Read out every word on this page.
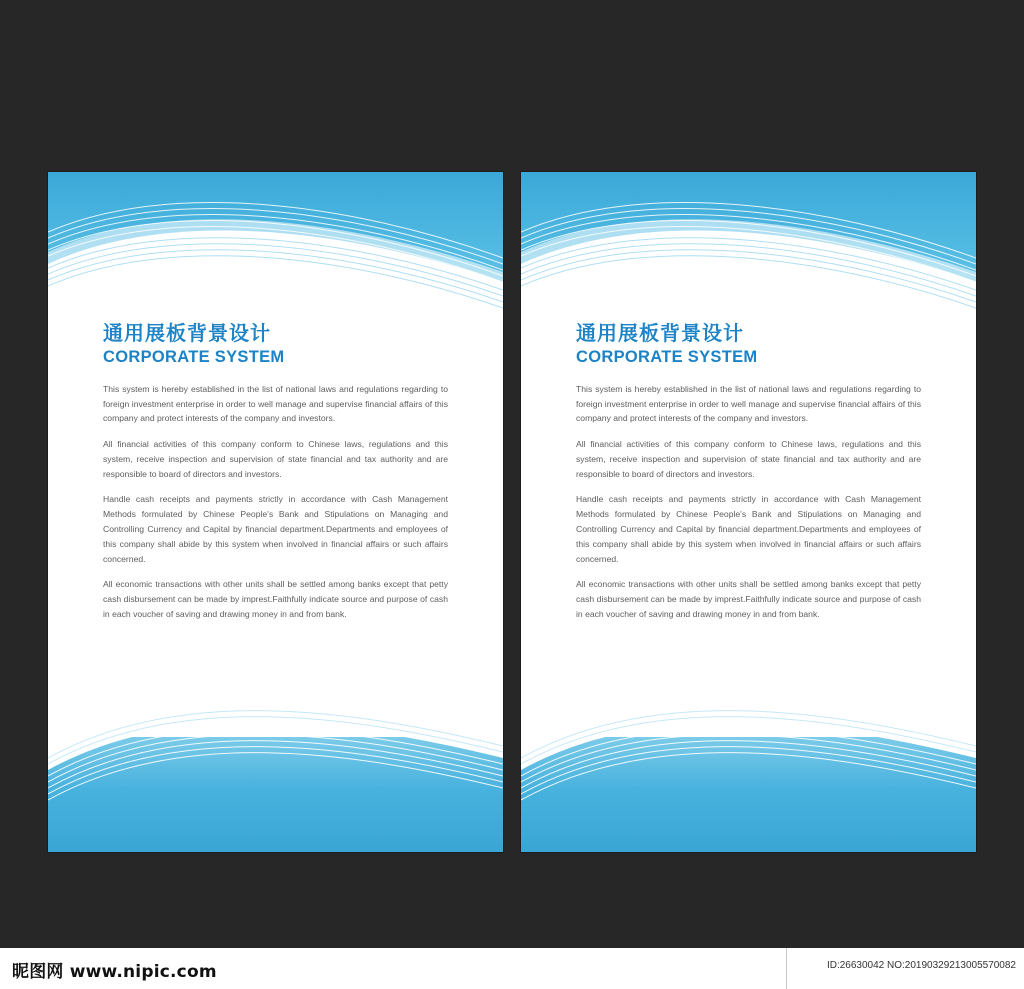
通用展板背景设计
CORPORATE SYSTEM

This system is hereby established in the list of national laws and regulations regarding to foreign investment enterprise in order to well manage and supervise financial affairs of this company and protect interests of the company and investors.

All financial activities of this company conform to Chinese laws, regulations and this system, receive inspection and supervision of state financial and tax authority and are responsible to board of directors and investors.

Handle cash receipts and payments strictly in accordance with Cash Management Methods formulated by Chinese People's Bank and Stipulations on Managing and Controlling Currency and Capital by financial department.Departments and employees of this company shall abide by this system when involved in financial affairs or such affairs concerned.

All economic transactions with other units shall be settled among banks except that petty cash disbursement can be made by imprest.Faithfully indicate source and purpose of cash in each voucher of saving and drawing money in and from bank.

通用展板背景设计
CORPORATE SYSTEM

This system is hereby established in the list of national laws and regulations regarding to foreign investment enterprise in order to well manage and supervise financial affairs of this company and protect interests of the company and investors.

All financial activities of this company conform to Chinese laws, regulations and this system, receive inspection and supervision of state financial and tax authority and are responsible to board of directors and investors.

Handle cash receipts and payments strictly in accordance with Cash Management Methods formulated by Chinese People's Bank and Stipulations on Managing and Controlling Currency and Capital by financial department.Departments and employees of this company shall abide by this system when involved in financial affairs or such affairs concerned.

All economic transactions with other units shall be settled among banks except that petty cash disbursement can be made by imprest.Faithfully indicate source and purpose of cash in each voucher of saving and drawing money in and from bank.

昵图网 www.nipic.com	ID:26630042 NO:20190329213005570082
